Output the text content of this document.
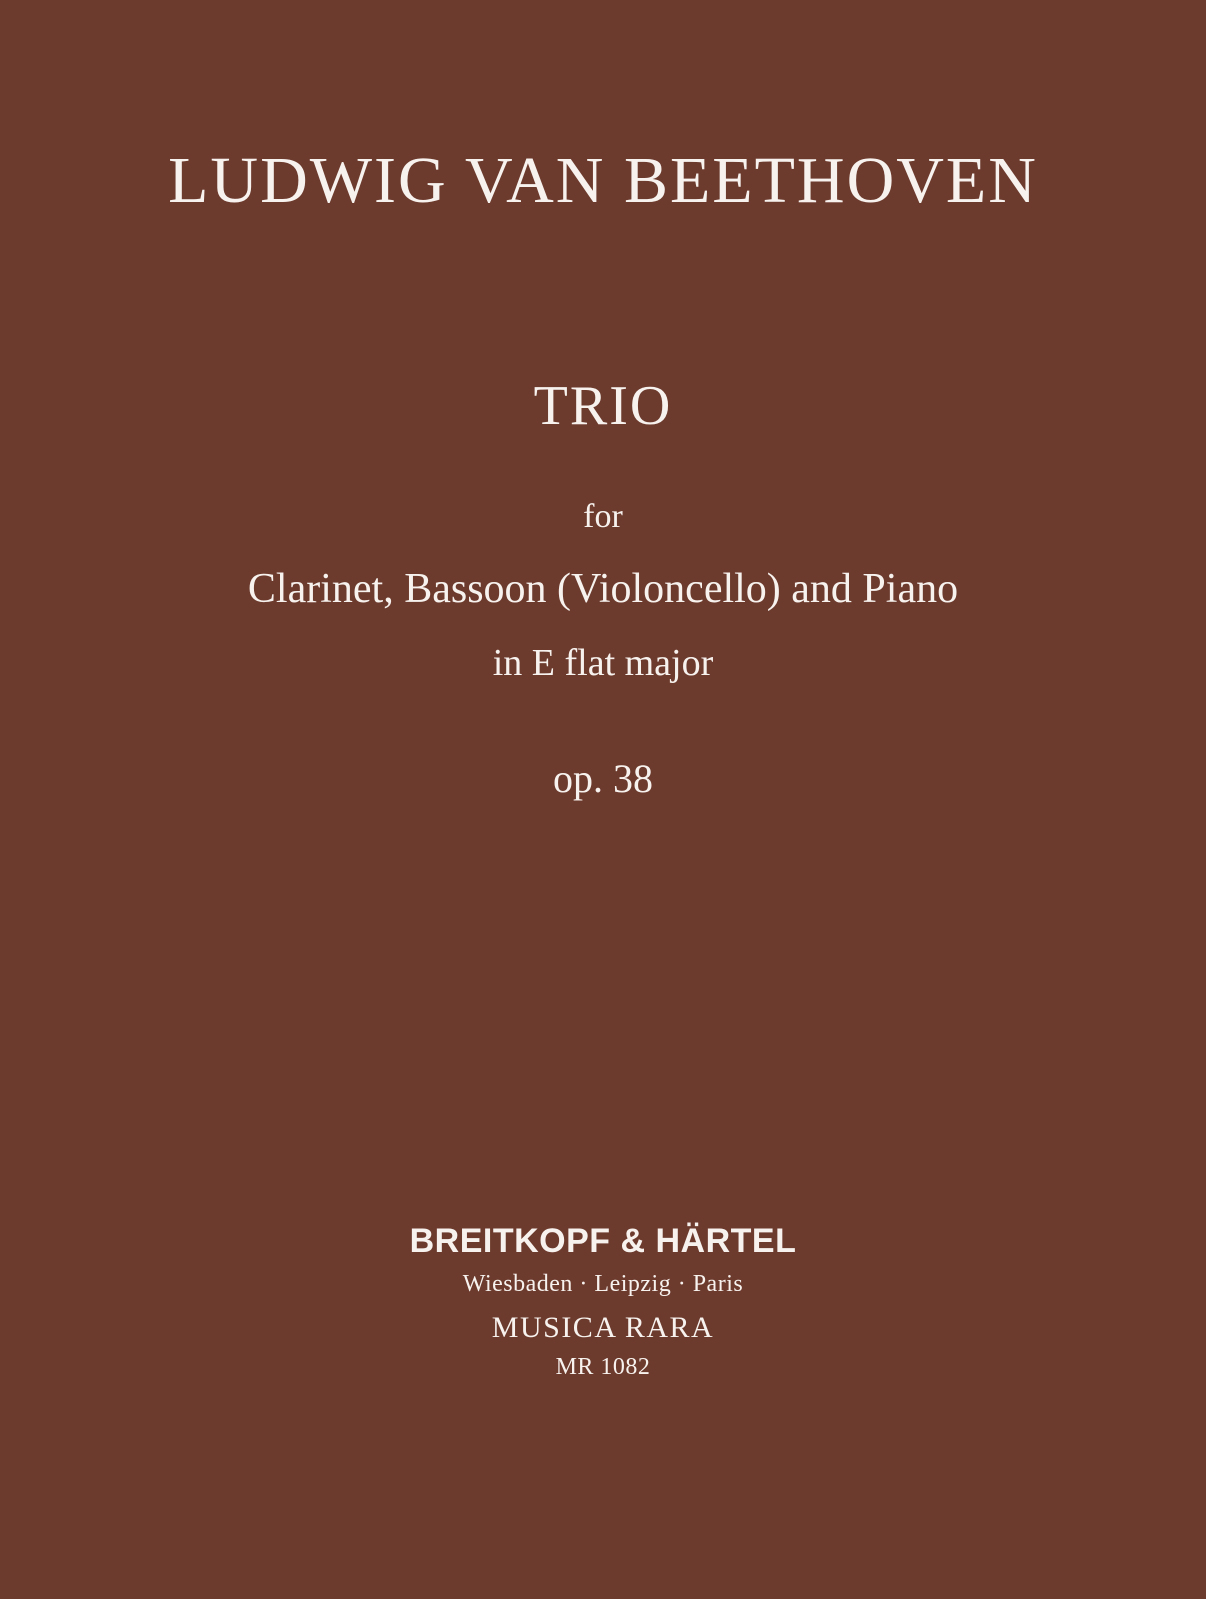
LUDWIG VAN BEETHOVEN
TRIO
for
Clarinet, Bassoon (Violoncello) and Piano
in E flat major
op. 38
BREITKOPF & HÄRTEL
Wiesbaden · Leipzig · Paris
MUSICA RARA
MR 1082
